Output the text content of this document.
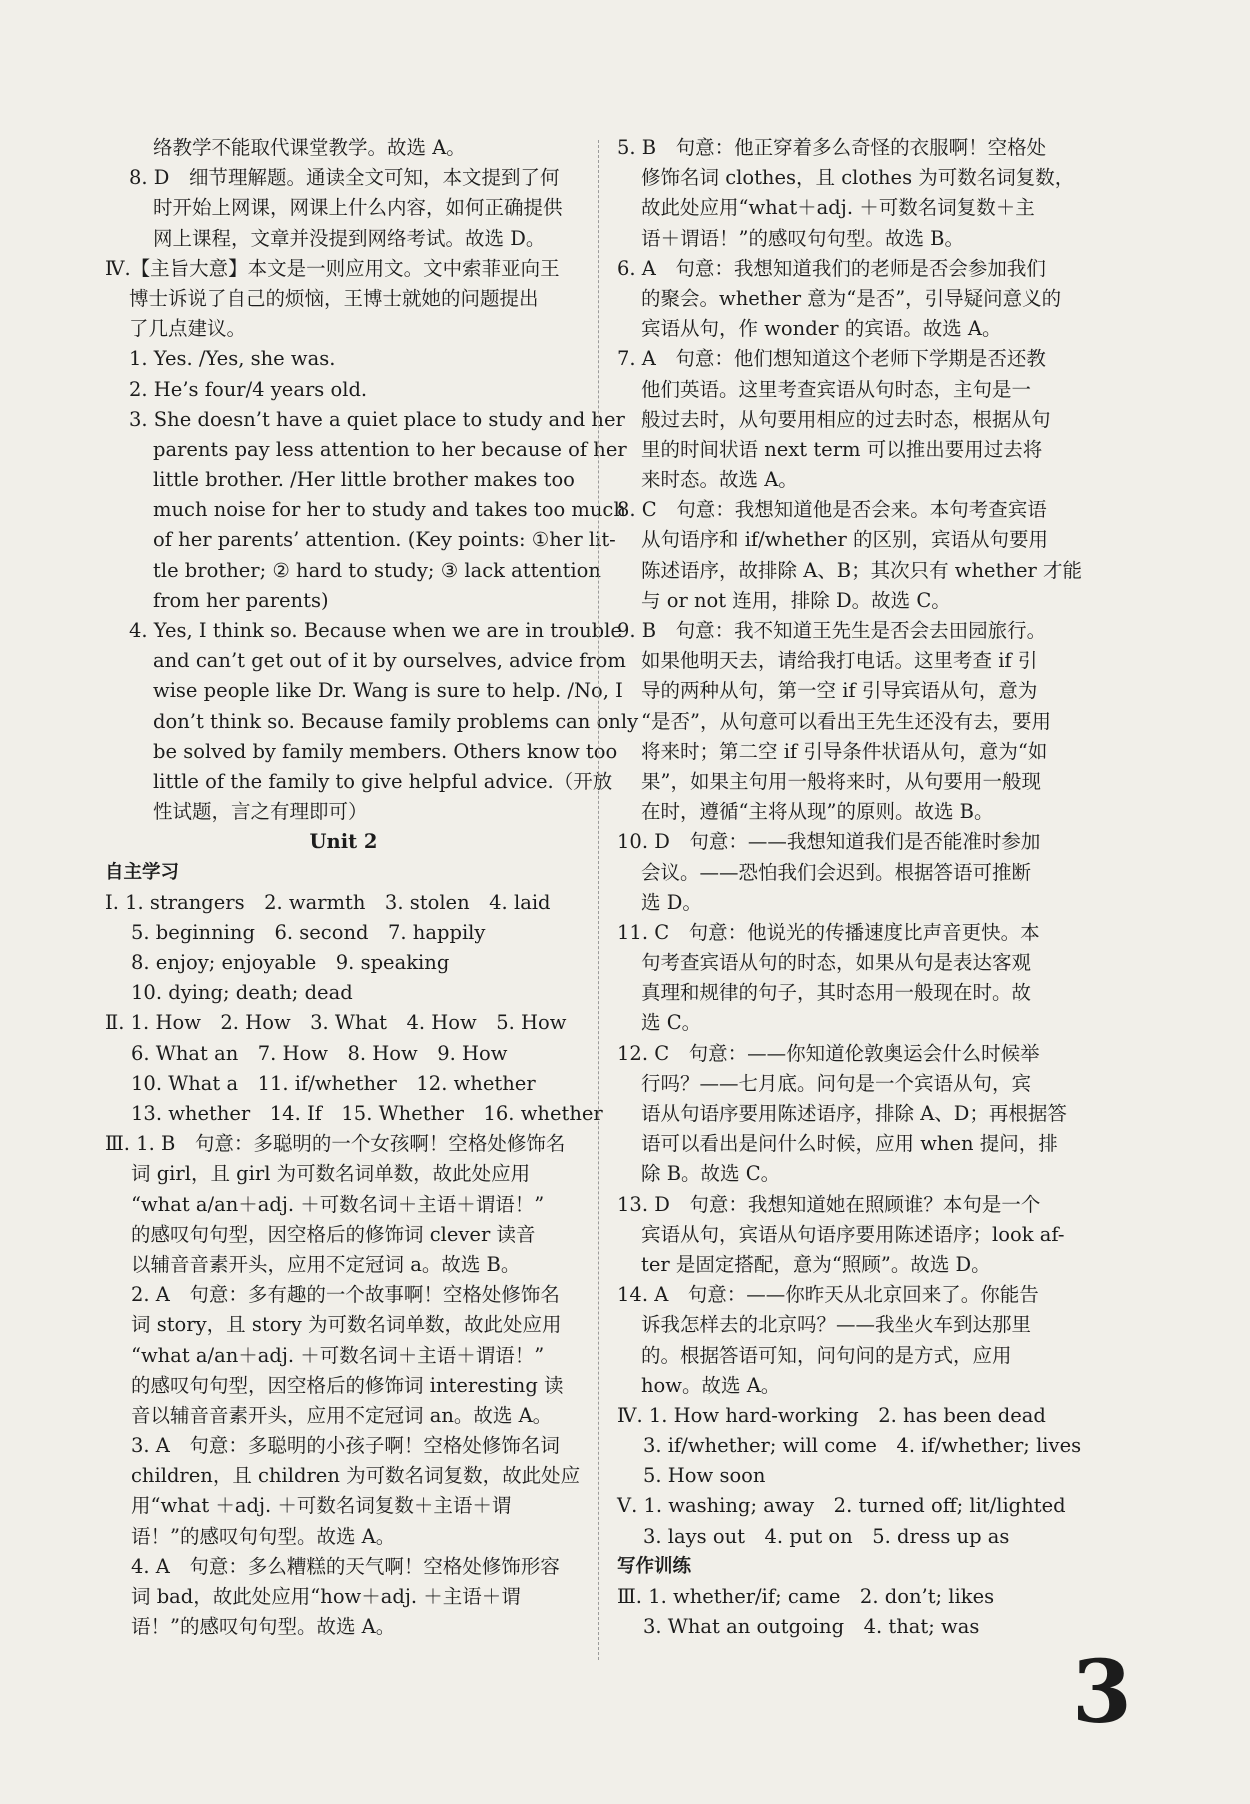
络教学不能取代课堂教学。故选 A。
8. D　细节理解题。通读全文可知，本文提到了何
时开始上网课，网课上什么内容，如何正确提供
网上课程，文章并没提到网络考试。故选 D。
Ⅳ.【主旨大意】本文是一则应用文。文中索菲亚向王
博士诉说了自己的烦恼，王博士就她的问题提出
了几点建议。
1. Yes. /Yes, she was.
2. He’s four/4 years old.
3. She doesn’t have a quiet place to study and her
parents pay less attention to her because of her
little brother. /Her little brother makes too
much noise for her to study and takes too much
of her parents’ attention. (Key points: ①her lit-
tle brother; ② hard to study; ③ lack attention
from her parents)
4. Yes, I think so. Because when we are in trouble
and can’t get out of it by ourselves, advice from
wise people like Dr. Wang is sure to help. /No, I
don’t think so. Because family problems can only
be solved by family members. Others know too
little of the family to give helpful advice.（开放
性试题，言之有理即可）
Unit 2
自主学习
Ⅰ. 1. strangers　2. warmth　3. stolen　4. laid
5. beginning　6. second　7. happily
8. enjoy; enjoyable　9. speaking
10. dying; death; dead
Ⅱ. 1. How　2. How　3. What　4. How　5. How
6. What an　7. How　8. How　9. How
10. What a　11. if/whether　12. whether
13. whether　14. If　15. Whether　16. whether
Ⅲ. 1. B　句意：多聪明的一个女孩啊！空格处修饰名
词 girl，且 girl 为可数名词单数，故此处应用
“what a/an＋adj. ＋可数名词＋主语＋谓语！”
的感叹句句型，因空格后的修饰词 clever 读音
以辅音音素开头，应用不定冠词 a。故选 B。
2. A　句意：多有趣的一个故事啊！空格处修饰名
词 story，且 story 为可数名词单数，故此处应用
“what a/an＋adj. ＋可数名词＋主语＋谓语！”
的感叹句句型，因空格后的修饰词 interesting 读
音以辅音音素开头，应用不定冠词 an。故选 A。
3. A　句意：多聪明的小孩子啊！空格处修饰名词
children，且 children 为可数名词复数，故此处应
用“what ＋adj. ＋可数名词复数＋主语＋谓
语！”的感叹句句型。故选 A。
4. A　句意：多么糟糕的天气啊！空格处修饰形容
词 bad，故此处应用“how＋adj. ＋主语＋谓
语！”的感叹句句型。故选 A。
5. B　句意：他正穿着多么奇怪的衣服啊！空格处
修饰名词 clothes，且 clothes 为可数名词复数，
故此处应用“what＋adj. ＋可数名词复数＋主
语＋谓语！”的感叹句句型。故选 B。
6. A　句意：我想知道我们的老师是否会参加我们
的聚会。whether 意为“是否”，引导疑问意义的
宾语从句，作 wonder 的宾语。故选 A。
7. A　句意：他们想知道这个老师下学期是否还教
他们英语。这里考查宾语从句时态，主句是一
般过去时，从句要用相应的过去时态，根据从句
里的时间状语 next term 可以推出要用过去将
来时态。故选 A。
8. C　句意：我想知道他是否会来。本句考查宾语
从句语序和 if/whether 的区别，宾语从句要用
陈述语序，故排除 A、B；其次只有 whether 才能
与 or not 连用，排除 D。故选 C。
9. B　句意：我不知道王先生是否会去田园旅行。
如果他明天去，请给我打电话。这里考查 if 引
导的两种从句，第一空 if 引导宾语从句，意为
“是否”，从句意可以看出王先生还没有去，要用
将来时；第二空 if 引导条件状语从句，意为“如
果”，如果主句用一般将来时，从句要用一般现
在时，遵循“主将从现”的原则。故选 B。
10. D　句意：——我想知道我们是否能准时参加
会议。——恐怕我们会迟到。根据答语可推断
选 D。
11. C　句意：他说光的传播速度比声音更快。本
句考查宾语从句的时态，如果从句是表达客观
真理和规律的句子，其时态用一般现在时。故
选 C。
12. C　句意：——你知道伦敦奥运会什么时候举
行吗？——七月底。问句是一个宾语从句，宾
语从句语序要用陈述语序，排除 A、D；再根据答
语可以看出是问什么时候，应用 when 提问，排
除 B。故选 C。
13. D　句意：我想知道她在照顾谁？本句是一个
宾语从句，宾语从句语序要用陈述语序；look af-
ter 是固定搭配，意为“照顾”。故选 D。
14. A　句意：——你昨天从北京回来了。你能告
诉我怎样去的北京吗？——我坐火车到达那里
的。根据答语可知，问句问的是方式，应用
how。故选 A。
Ⅳ. 1. How hard-working　2. has been dead
3. if/whether; will come　4. if/whether; lives
5. How soon
Ⅴ. 1. washing; away　2. turned off; lit/lighted
3. lays out　4. put on　5. dress up as
写作训练
Ⅲ. 1. whether/if; came　2. don’t; likes
3. What an outgoing　4. that; was
3
